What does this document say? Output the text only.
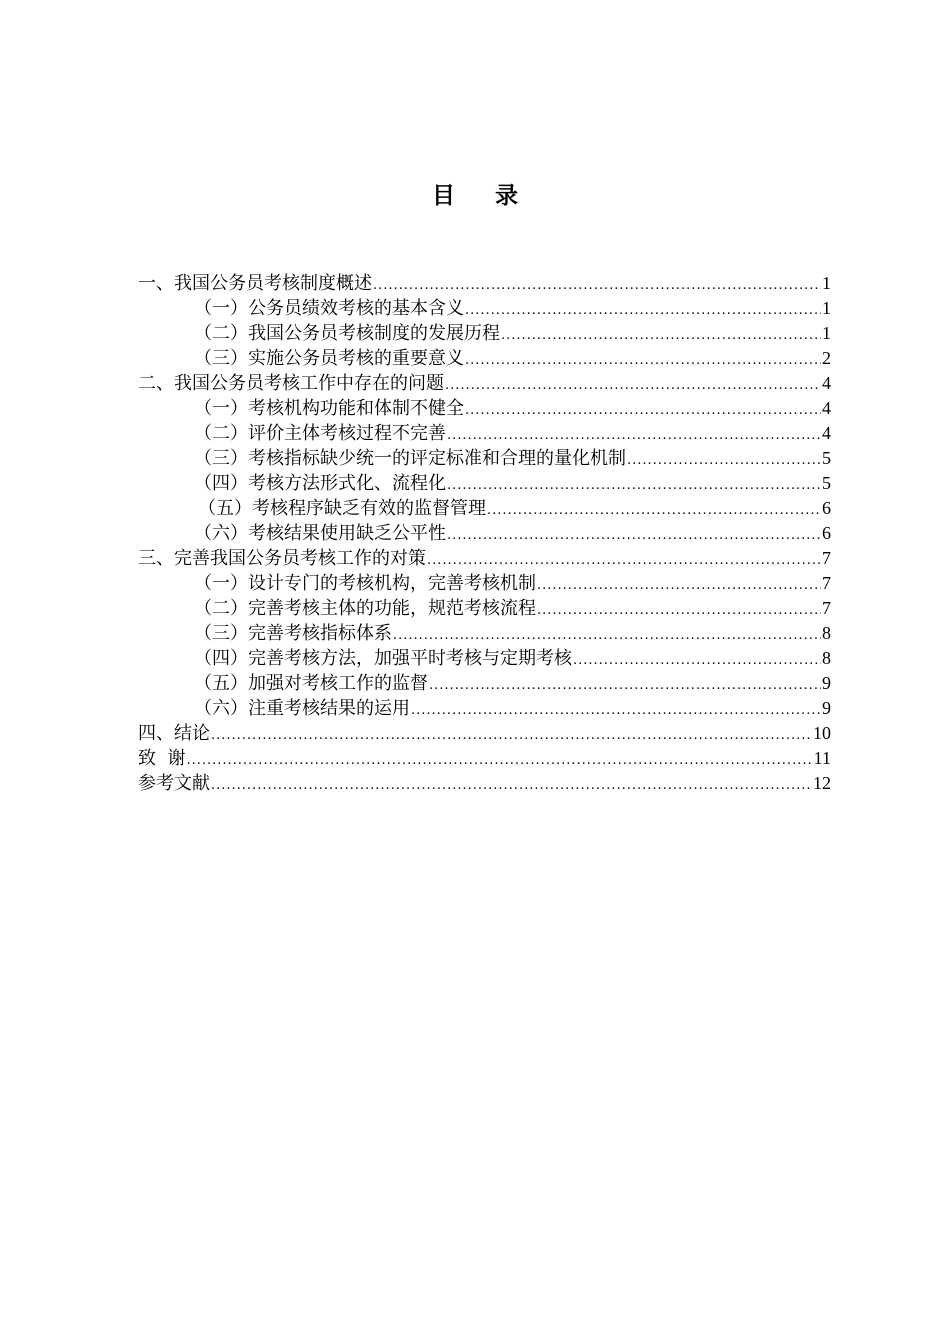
目 录
一、我国公务员考核制度概述 .....	1
（一）公务员绩效考核的基本含义 .....	1
（二）我国公务员考核制度的发展历程 .....	1
（三）实施公务员考核的重要意义 .....	2
二、我国公务员考核工作中存在的问题 .....	4
（一）考核机构功能和体制不健全 .....	4
（二）评价主体考核过程不完善 .....	4
（三）考核指标缺少统一的评定标准和合理的量化机制 .....	5
（四）考核方法形式化、流程化 .....	5
（五）考核程序缺乏有效的监督管理 .....	6
（六）考核结果使用缺乏公平性 .....	6
三、完善我国公务员考核工作的对策 .....	7
（一）设计专门的考核机构，完善考核机制 .....	7
（二）完善考核主体的功能，规范考核流程 .....	7
（三）完善考核指标体系 .....	8
（四）完善考核方法，加强平时考核与定期考核 .....	8
（五）加强对考核工作的监督 .....	9
（六）注重考核结果的运用 .....	9
四、结论 .....	10
致  谢 .....	11
参考文献 .....	12
